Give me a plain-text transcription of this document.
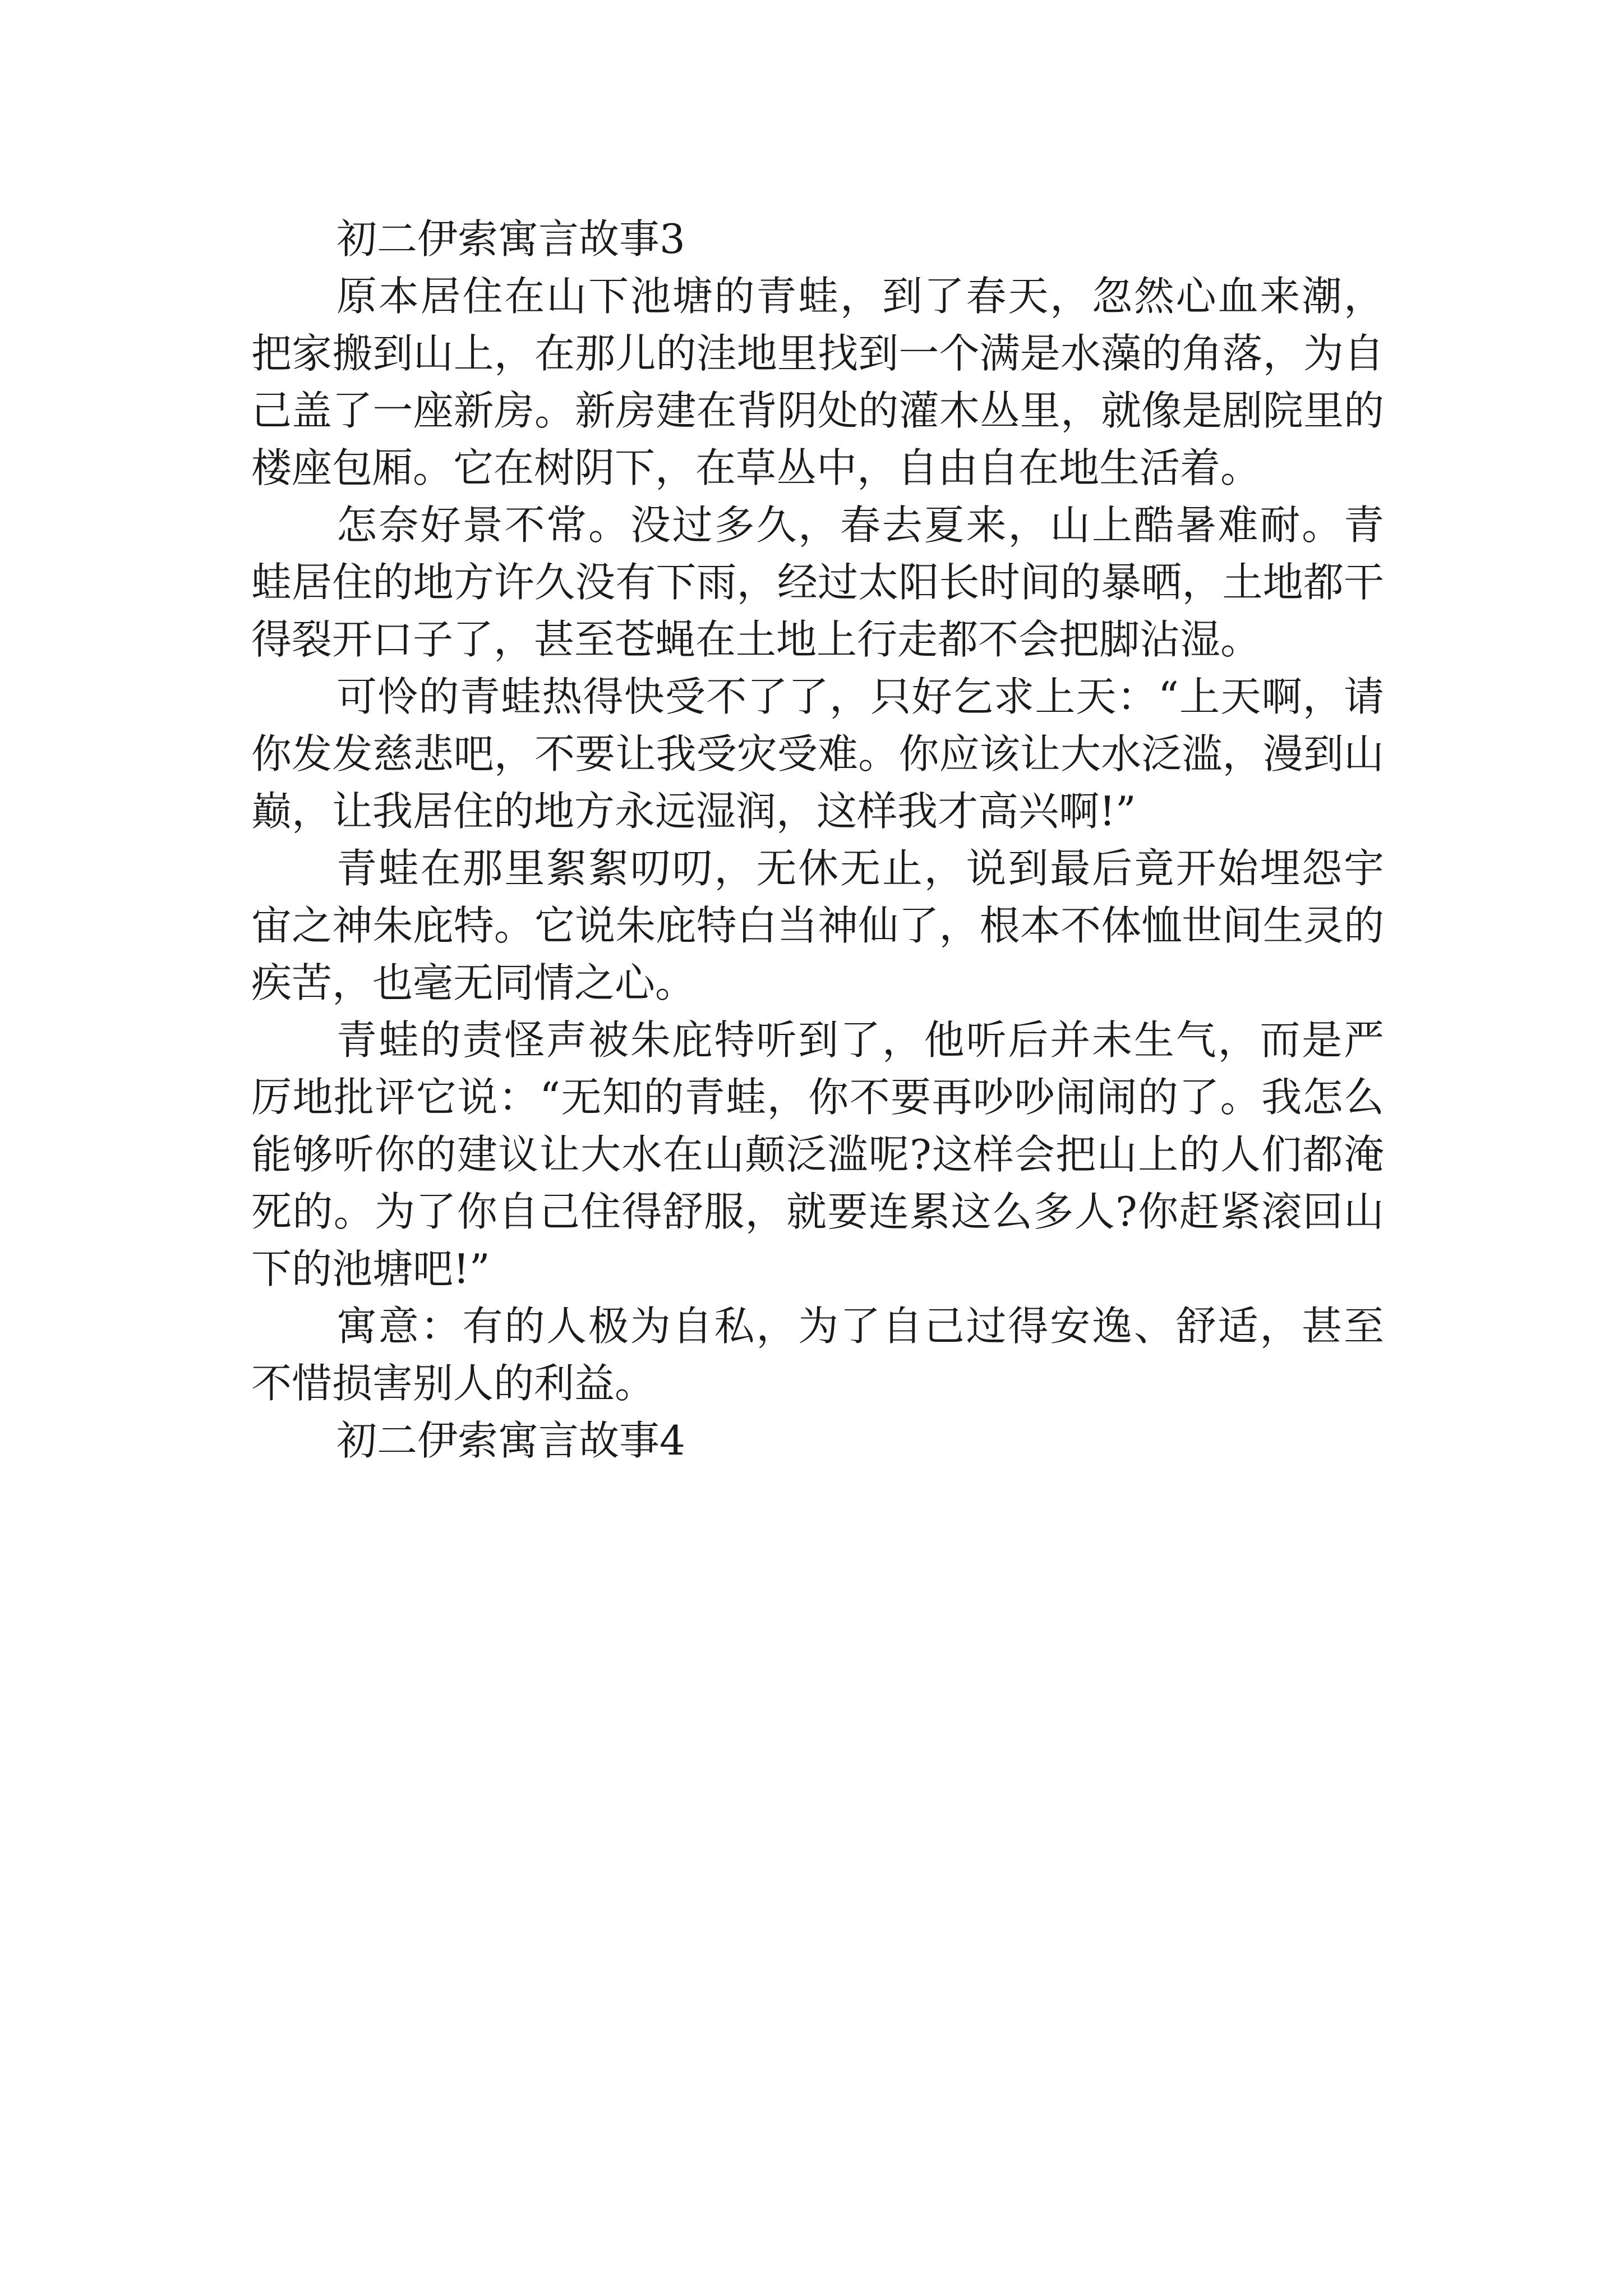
初二伊索寓言故事3

原本居住在山下池塘的青蛙，到了春天，忽然心血来潮，把家搬到山上，在那儿的洼地里找到一个满是水藻的角落，为自己盖了一座新房。新房建在背阴处的灌木丛里，就像是剧院里的楼座包厢。它在树阴下，在草丛中，自由自在地生活着。

怎奈好景不常。没过多久，春去夏来，山上酷暑难耐。青蛙居住的地方许久没有下雨，经过太阳长时间的暴晒，土地都干得裂开口子了，甚至苍蝇在土地上行走都不会把脚沾湿。

可怜的青蛙热得快受不了了，只好乞求上天：“上天啊，请你发发慈悲吧，不要让我受灾受难。你应该让大水泛滥，漫到山巅，让我居住的地方永远湿润，这样我才高兴啊!”

青蛙在那里絮絮叨叨，无休无止，说到最后竟开始埋怨宇宙之神朱庇特。它说朱庇特白当神仙了，根本不体恤世间生灵的疾苦，也毫无同情之心。

青蛙的责怪声被朱庇特听到了，他听后并未生气，而是严厉地批评它说：“无知的青蛙，你不要再吵吵闹闹的了。我怎么能够听你的建议让大水在山颠泛滥呢?这样会把山上的人们都淹死的。为了你自己住得舒服，就要连累这么多人?你赶紧滚回山下的池塘吧!”

寓意：有的人极为自私，为了自己过得安逸、舒适，甚至不惜损害别人的利益。

初二伊索寓言故事4
